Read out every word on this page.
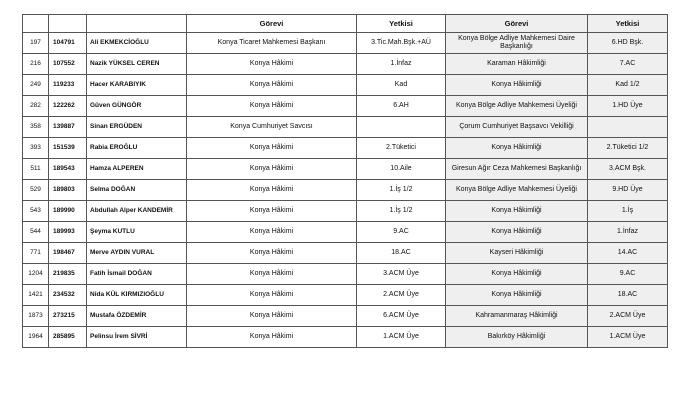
			Görevi	Yetkisi	Görevi	Yetkisi
197	104791	Ali EKMEKCİOĞLU	Konya Ticaret Mahkemesi Başkanı	3.Tic.Mah.Bşk.+AÜ	Konya Bölge Adliye Mahkemesi Daire Başkanlığı	6.HD Bşk.
216	107552	Nazik YÜKSEL CEREN	Konya Hâkimi	1.İnfaz	Karaman Hâkimliği	7.AC
249	119233	Hacer KARABIYIK	Konya Hâkimi	Kad	Konya Hâkimliği	Kad 1/2
282	122262	Güven GÜNGÖR	Konya Hâkimi	6.AH	Konya Bölge Adliye Mahkemesi Üyeliği	1.HD Üye
358	139887	Sinan ERGÜDEN	Konya Cumhuriyet Savcısı		Çorum Cumhuriyet Başsavcı Vekilliği	
393	151539	Rabia EROĞLU	Konya Hâkimi	2.Tüketici	Konya Hâkimliği	2.Tüketici 1/2
511	189543	Hamza ALPEREN	Konya Hâkimi	10.Aile	Giresun Ağır Ceza Mahkemesi Başkanlığı	3.ACM Bşk.
529	189803	Selma DOĞAN	Konya Hâkimi	1.İş 1/2	Konya Bölge Adliye Mahkemesi Üyeliği	9.HD Üye
543	189990	Abdullah Alper KANDEMİR	Konya Hâkimi	1.İş 1/2	Konya Hâkimliği	1.İş
544	189993	Şeyma KUTLU	Konya Hâkimi	9.AC	Konya Hâkimliği	1.İnfaz
771	198467	Merve AYDIN VURAL	Konya Hâkimi	18.AC	Kayseri Hâkimliği	14.AC
1204	219835	Fatih İsmail DOĞAN	Konya Hâkimi	3.ACM Üye	Konya Hâkimliği	9.AC
1421	234532	Nida KÜL KIRMIZIOĞLU	Konya Hâkimi	2.ACM Üye	Konya Hâkimliği	18.AC
1873	273215	Mustafa ÖZDEMİR	Konya Hâkimi	6.ACM Üye	Kahramanmaraş Hâkimliği	2.ACM Üye
1964	285895	Pelinsu İrem SİVRİ	Konya Hâkimi	1.ACM Üye	Bakırköy Hâkimliği	1.ACM Üye
